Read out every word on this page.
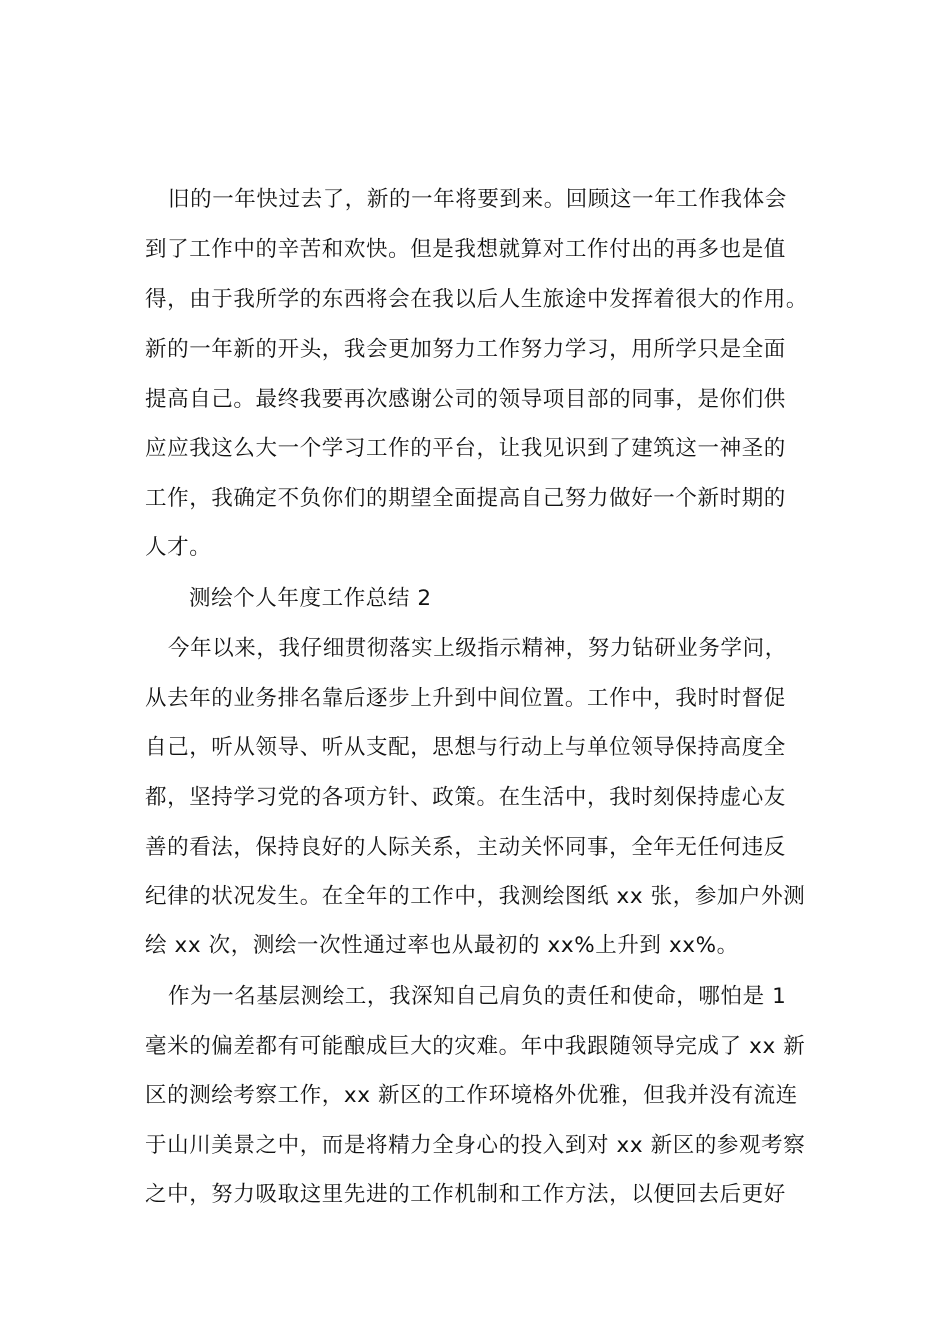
旧的一年快过去了，新的一年将要到来。回顾这一年工作我体会
到了工作中的辛苦和欢快。但是我想就算对工作付出的再多也是值
得，由于我所学的东西将会在我以后人生旅途中发挥着很大的作用。
新的一年新的开头，我会更加努力工作努力学习，用所学只是全面
提高自己。最终我要再次感谢公司的领导项目部的同事，是你们供
应应我这么大一个学习工作的平台，让我见识到了建筑这一神圣的
工作，我确定不负你们的期望全面提高自己努力做好一个新时期的
人才。
测绘个人年度工作总结 2
今年以来，我仔细贯彻落实上级指示精神，努力钻研业务学问，
从去年的业务排名靠后逐步上升到中间位置。工作中，我时时督促
自己，听从领导、听从支配，思想与行动上与单位领导保持高度全
都，坚持学习党的各项方针、政策。在生活中，我时刻保持虚心友
善的看法，保持良好的人际关系，主动关怀同事，全年无任何违反
纪律的状况发生。在全年的工作中，我测绘图纸 xx 张，参加户外测
绘 xx 次，测绘一次性通过率也从最初的 xx%上升到 xx%。
作为一名基层测绘工，我深知自己肩负的责任和使命，哪怕是 1
毫米的偏差都有可能酿成巨大的灾难。年中我跟随领导完成了 xx 新
区的测绘考察工作，xx 新区的工作环境格外优雅，但我并没有流连
于山川美景之中，而是将精力全身心的投入到对 xx 新区的参观考察
之中，努力吸取这里先进的工作机制和工作方法，以便回去后更好
